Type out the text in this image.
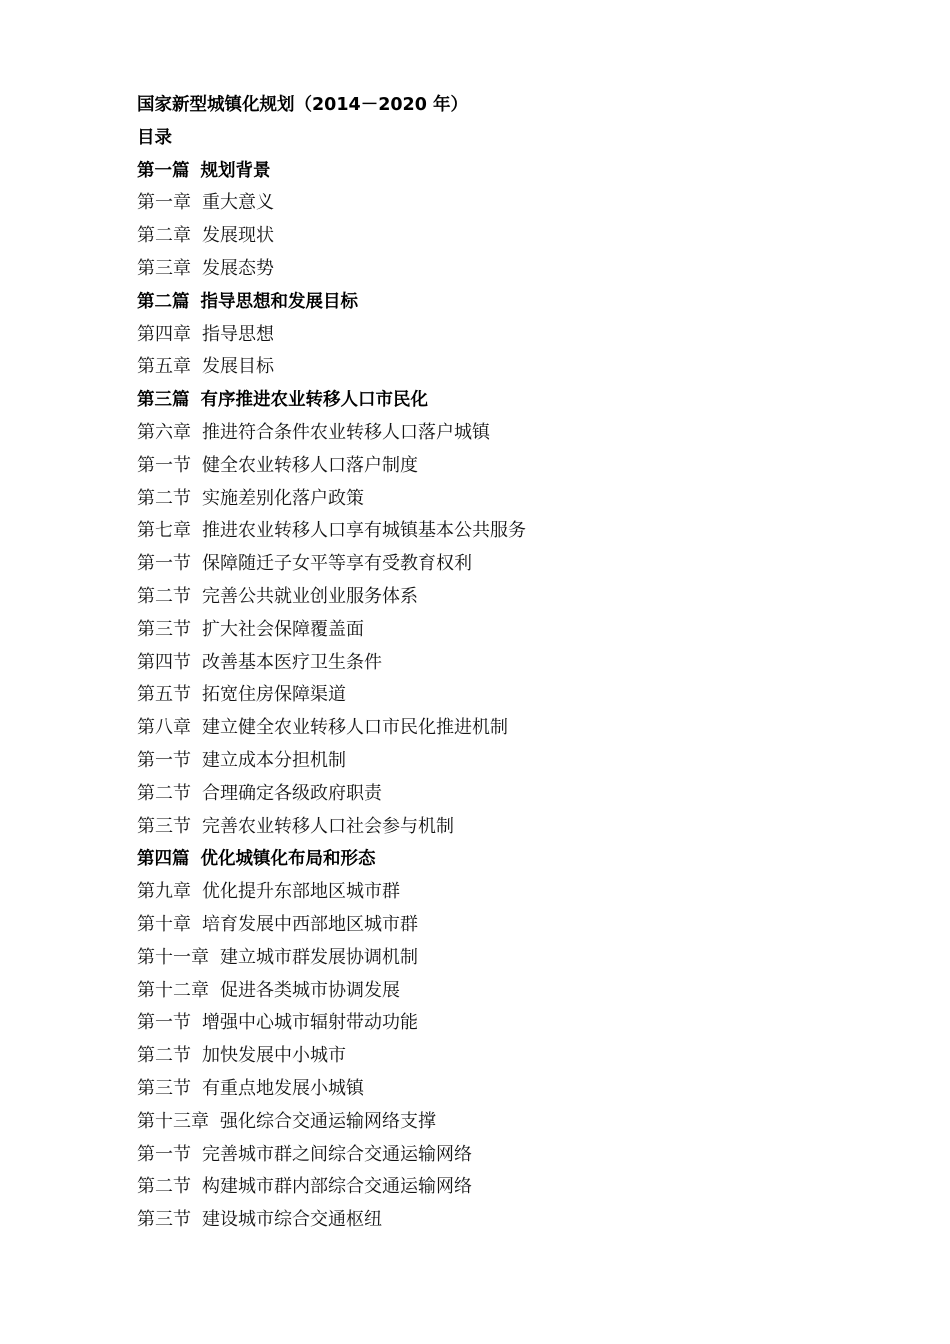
国家新型城镇化规划（2014－2020 年）
目录
第一篇 规划背景
第一章 重大意义
第二章 发展现状
第三章 发展态势
第二篇 指导思想和发展目标
第四章 指导思想
第五章 发展目标
第三篇 有序推进农业转移人口市民化
第六章 推进符合条件农业转移人口落户城镇
第一节 健全农业转移人口落户制度
第二节 实施差别化落户政策
第七章 推进农业转移人口享有城镇基本公共服务
第一节 保障随迁子女平等享有受教育权利
第二节 完善公共就业创业服务体系
第三节 扩大社会保障覆盖面
第四节 改善基本医疗卫生条件
第五节 拓宽住房保障渠道
第八章 建立健全农业转移人口市民化推进机制
第一节 建立成本分担机制
第二节 合理确定各级政府职责
第三节 完善农业转移人口社会参与机制
第四篇 优化城镇化布局和形态
第九章 优化提升东部地区城市群
第十章 培育发展中西部地区城市群
第十一章 建立城市群发展协调机制
第十二章 促进各类城市协调发展
第一节 增强中心城市辐射带动功能
第二节 加快发展中小城市
第三节 有重点地发展小城镇
第十三章 强化综合交通运输网络支撑
第一节 完善城市群之间综合交通运输网络
第二节 构建城市群内部综合交通运输网络
第三节 建设城市综合交通枢纽
